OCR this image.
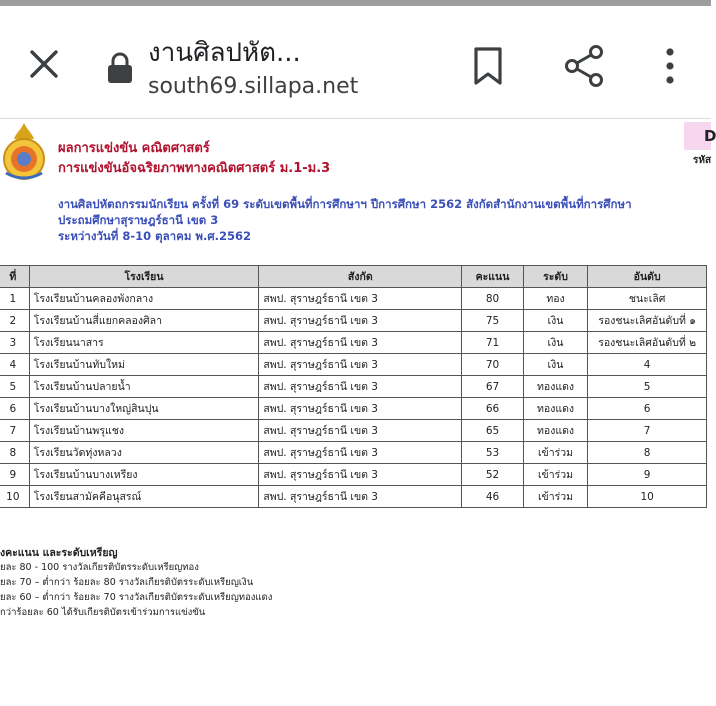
งานศิลปหัต...
south69.sillapa.net
ผลการแข่งขัน คณิตศาสตร์
การแข่งขันอัจฉริยภาพทางคณิตศาสตร์ ม.1-ม.3
D
รหัส
งานศิลปหัตถกรรมนักเรียน ครั้งที่ 69 ระดับเขตพื้นที่การศึกษาฯ ปีการศึกษา 2562 สังกัดสำนักงานเขตพื้นที่การศึกษา
ประถมศึกษาสุราษฎร์ธานี เขต 3
ระหว่างวันที่ 8-10 ตุลาคม พ.ศ.2562
ที่	โรงเรียน	สังกัด	คะแนน	ระดับ	อันดับ
1	โรงเรียนบ้านคลองพังกลาง	สพป. สุราษฎร์ธานี เขต 3	80	ทอง	ชนะเลิศ
2	โรงเรียนบ้านสี่แยกคลองศิลา	สพป. สุราษฎร์ธานี เขต 3	75	เงิน	รองชนะเลิศอันดับที่ ๑
3	โรงเรียนนาสาร	สพป. สุราษฎร์ธานี เขต 3	71	เงิน	รองชนะเลิศอันดับที่ ๒
4	โรงเรียนบ้านทับใหม่	สพป. สุราษฎร์ธานี เขต 3	70	เงิน	4
5	โรงเรียนบ้านปลายน้ำ	สพป. สุราษฎร์ธานี เขต 3	67	ทองแดง	5
6	โรงเรียนบ้านบางใหญ่สินปุน	สพป. สุราษฎร์ธานี เขต 3	66	ทองแดง	6
7	โรงเรียนบ้านพรุแชง	สพป. สุราษฎร์ธานี เขต 3	65	ทองแดง	7
8	โรงเรียนวัดทุ่งหลวง	สพป. สุราษฎร์ธานี เขต 3	53	เข้าร่วม	8
9	โรงเรียนบ้านบางเหรียง	สพป. สุราษฎร์ธานี เขต 3	52	เข้าร่วม	9
10	โรงเรียนสามัคคีอนุสรณ์	สพป. สุราษฎร์ธานี เขต 3	46	เข้าร่วม	10
งคะแนน และระดับเหรียญ
ยละ 80 - 100 รางวัลเกียรติบัตรระดับเหรียญทอง
ยละ 70 – ต่ำกว่า ร้อยละ 80 รางวัลเกียรติบัตรระดับเหรียญเงิน
ยละ 60 – ต่ำกว่า ร้อยละ 70 รางวัลเกียรติบัตรระดับเหรียญทองแดง
กว่าร้อยละ 60 ได้รับเกียรติบัตรเข้าร่วมการแข่งขัน
